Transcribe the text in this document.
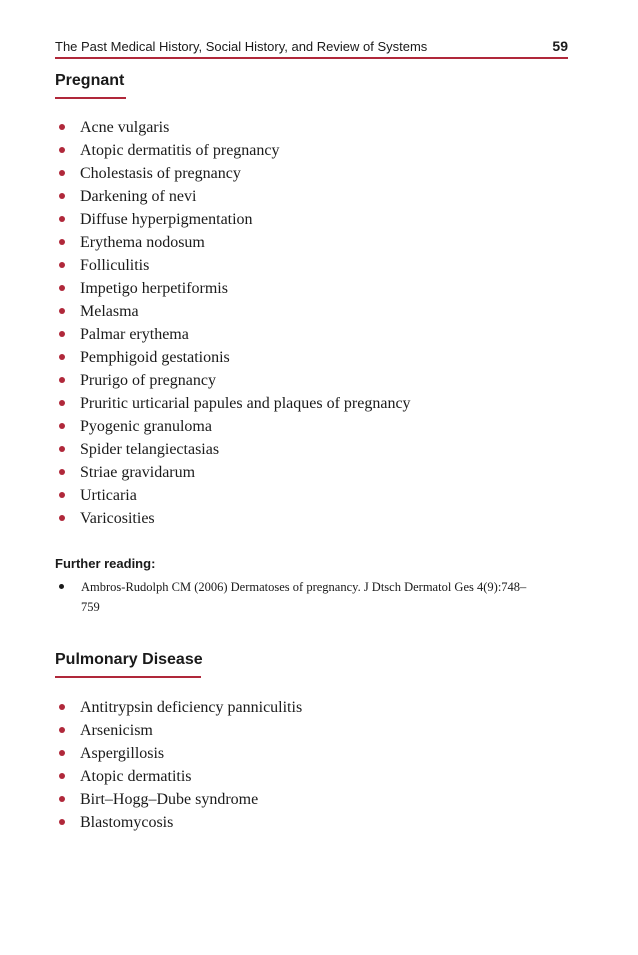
The Past Medical History, Social History, and Review of Systems	59
Pregnant
Acne vulgaris
Atopic dermatitis of pregnancy
Cholestasis of pregnancy
Darkening of nevi
Diffuse hyperpigmentation
Erythema nodosum
Folliculitis
Impetigo herpetiformis
Melasma
Palmar erythema
Pemphigoid gestationis
Prurigo of pregnancy
Pruritic urticarial papules and plaques of pregnancy
Pyogenic granuloma
Spider telangiectasias
Striae gravidarum
Urticaria
Varicosities
Further reading:
Ambros-Rudolph CM (2006) Dermatoses of pregnancy. J Dtsch Dermatol Ges 4(9):748–759
Pulmonary Disease
Antitrypsin deficiency panniculitis
Arsenicism
Aspergillosis
Atopic dermatitis
Birt–Hogg–Dube syndrome
Blastomycosis
